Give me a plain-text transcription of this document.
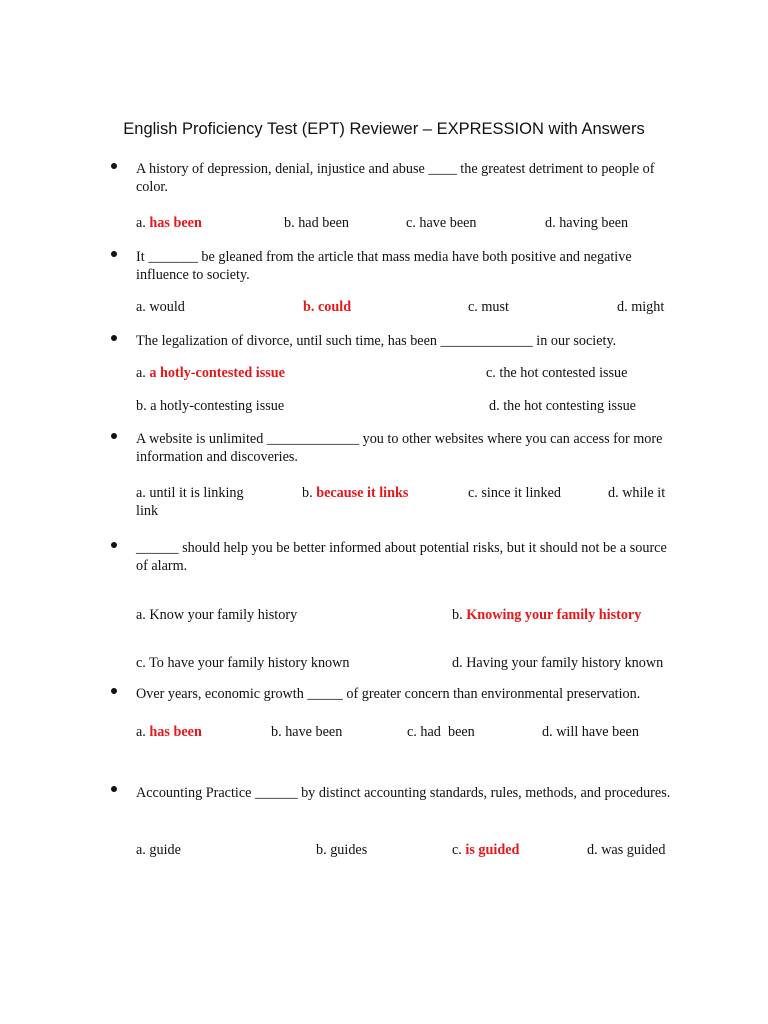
English Proficiency Test (EPT) Reviewer – EXPRESSION with Answers
A history of depression, denial, injustice and abuse ____ the greatest detriment to people of color.
a. has been	b. had been	c. have been	d. having been
It _______ be gleaned from the article that mass media have both positive and negative influence to society.
a. would	b. could	c. must	d. might
The legalization of divorce, until such time, has been _____________ in our society.
a. a hotly-contested issue	c. the hot contested issue
b. a hotly-contesting issue	d. the hot contesting issue
A website is unlimited _____________ you to other websites where you can access for more information and discoveries.
a. until it is linking	b. because it links	c. since it linked	d. while it link
______ should help you be better informed about potential risks, but it should not be a source of alarm.
a. Know your family history	b. Knowing your family history
c. To have your family history known	d. Having your family history known
Over years, economic growth _____ of greater concern than environmental preservation.
a. has been	b. have been	c. had  been	d. will have been
Accounting Practice ______ by distinct accounting standards, rules, methods, and procedures.
a. guide	b. guides	c. is guided	d. was guided
